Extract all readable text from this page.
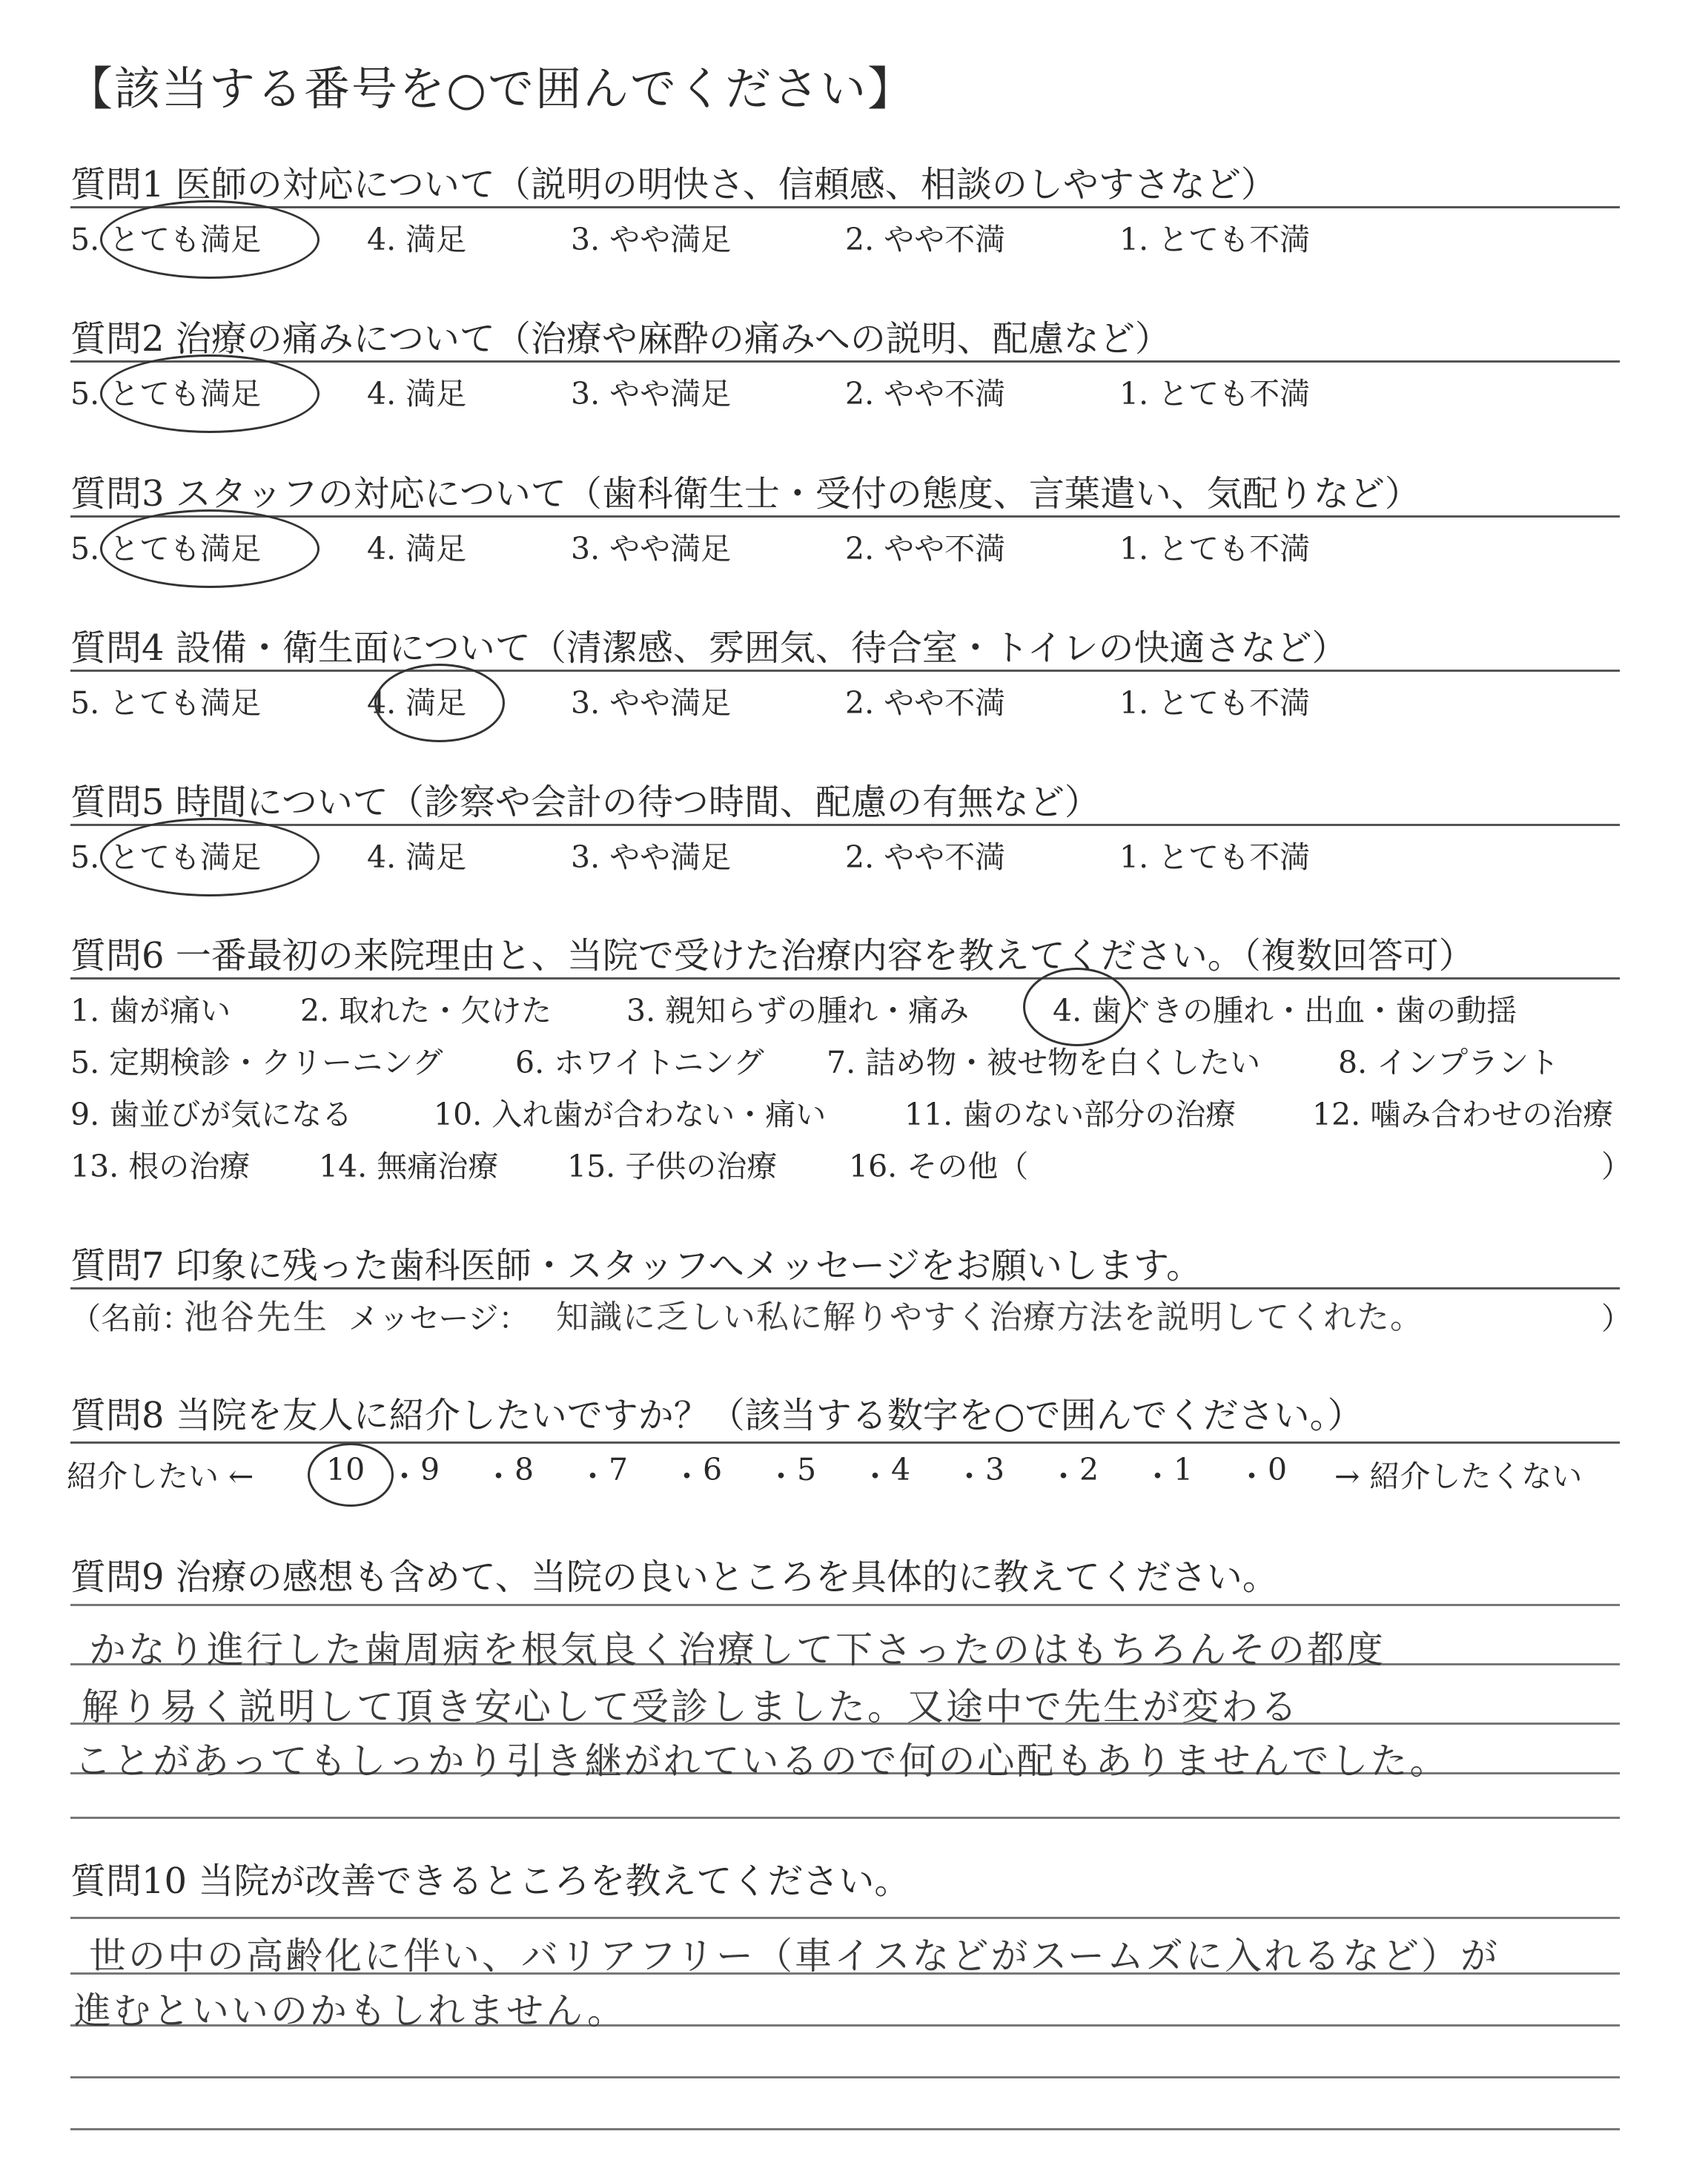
【該当する番号を○で囲んでください】
質問1 医師の対応について（説明の明快さ、信頼感、相談のしやすさなど）
5. とても満足	4. 満足	3. やや満足	2. やや不満	1. とても不満
質問2 治療の痛みについて（治療や麻酔の痛みへの説明、配慮など）
5. とても満足	4. 満足	3. やや満足	2. やや不満	1. とても不満
質問3 スタッフの対応について（歯科衛生士・受付の態度、言葉遣い、気配りなど）
5. とても満足	4. 満足	3. やや満足	2. やや不満	1. とても不満
質問4 設備・衛生面について（清潔感、雰囲気、待合室・トイレの快適さなど）
5. とても満足	4. 満足	3. やや満足	2. やや不満	1. とても不満
質問5 時間について（診察や会計の待つ時間、配慮の有無など）
5. とても満足	4. 満足	3. やや満足	2. やや不満	1. とても不満
質問6 一番最初の来院理由と、当院で受けた治療内容を教えてください。（複数回答可）
1. 歯が痛い 2. 取れた・欠けた 3. 親知らずの腫れ・痛み	4. 歯ぐきの腫れ・出血・歯の動揺
5. 定期検診・クリーニング 6. ホワイトニング 7. 詰め物・被せ物を白くしたい	8. インプラント
9. 歯並びが気になる	10. 入れ歯が合わない・痛い	11. 歯のない部分の治療	12. 噛み合わせの治療
13. 根の治療 14. 無痛治療 15. 子供の治療 16. その他（	）
質問7 印象に残った歯科医師・スタッフへメッセージをお願いします。
（名前：
池谷先生 メッセージ： 知識に乏しい私に解りやすく治療方法を説明してくれた。	）
質問8 当院を友人に紹介したいですか？（該当する数字を○で囲んでください。）
紹介したい ← 10 ・ 9 ・ 8 ・ 7 ・ 6 ・ 5 ・ 4 ・ 3 ・ 2 ・ 1 ・ 0 → 紹介したくない
質問9 治療の感想も含めて、当院の良いところを具体的に教えてください。
かなり進行した歯周病を根気良く治療して下さったのはもちろんその都度
解り易く説明して頂き安心して受診しました。又途中で先生が変わる
ことがあってもしっかり引き継がれているので何の心配もありませんでした。
質問10 当院が改善できるところを教えてください。
世の中の高齢化に伴い、バリアフリー（車イスなどがスームズに入れるなど）が
進むといいのかもしれません。
